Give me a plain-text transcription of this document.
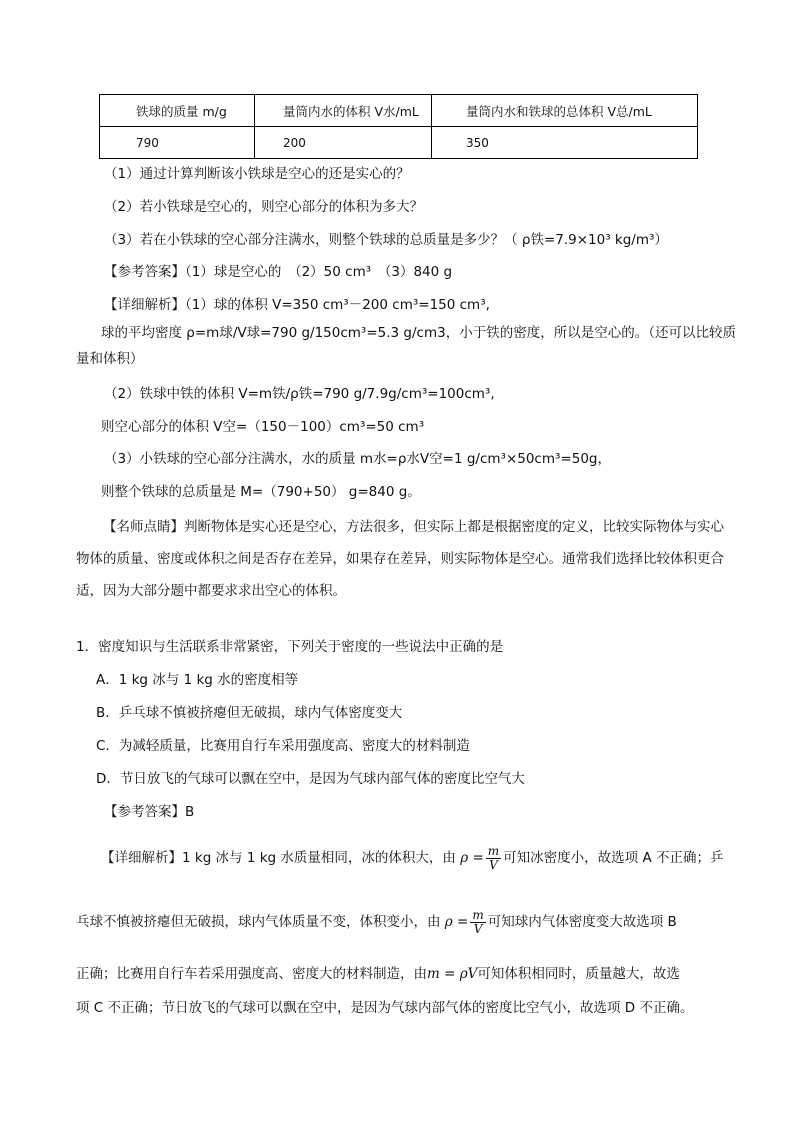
铁球的质量 m/g	量筒内水的体积 V水/mL	量筒内水和铁球的总体积 V总/mL
790	200	350
（1）通过计算判断该小铁球是空心的还是实心的？
（2）若小铁球是空心的，则空心部分的体积为多大？
（3）若在小铁球的空心部分注满水，则整个铁球的总质量是多少？（ ρ铁=7.9×10³ kg/m³）
【参考答案】（1）球是空心的　（2）50 cm³　（3）840 g
【详细解析】（1）球的体积 V=350 cm³－200 cm³=150 cm³,
球的平均密度 ρ=m球/V球=790 g/150cm³=5.3 g/cm3，小于铁的密度，所以是空心的。（还可以比较质量和体积）
（2）铁球中铁的体积 V=m铁/ρ铁=790 g/7.9g/cm³=100cm³,
则空心部分的体积 V空=（150－100）cm³=50 cm³
（3）小铁球的空心部分注满水，水的质量 m水=ρ水V空=1 g/cm³×50cm³=50g，
则整个铁球的总质量是 M=（790+50） g=840 g。
【名师点睛】判断物体是实心还是空心，方法很多，但实际上都是根据密度的定义，比较实际物体与实心物体的质量、密度或体积之间是否存在差异，如果存在差异，则实际物体是空心。通常我们选择比较体积更合适，因为大部分题中都要求求出空心的体积。
1．密度知识与生活联系非常紧密，下列关于密度的一些说法中正确的是
A．1 kg 冰与 1 kg 水的密度相等
B．乒乓球不慎被挤瘪但无破损，球内气体密度变大
C．为减轻质量，比赛用自行车采用强度高、密度大的材料制造
D．节日放飞的气球可以飘在空中，是因为气球内部气体的密度比空气大
【参考答案】B
【详细解析】1 kg 冰与 1 kg 水质量相同，冰的体积大，由 $\rho = \frac{m}{V}$ 可知冰密度小，故选项 A 不正确；乒
乓球不慎被挤瘪但无破损，球内气体质量不变，体积变小，由 $\rho = \frac{m}{V}$ 可知球内气体密度变大故选项 B
正确；比赛用自行车若采用强度高、密度大的材料制造，由m = ρV可知体积相同时，质量越大，故选
项 C 不正确；节日放飞的气球可以飘在空中，是因为气球内部气体的密度比空气小，故选项 D 不正确。
